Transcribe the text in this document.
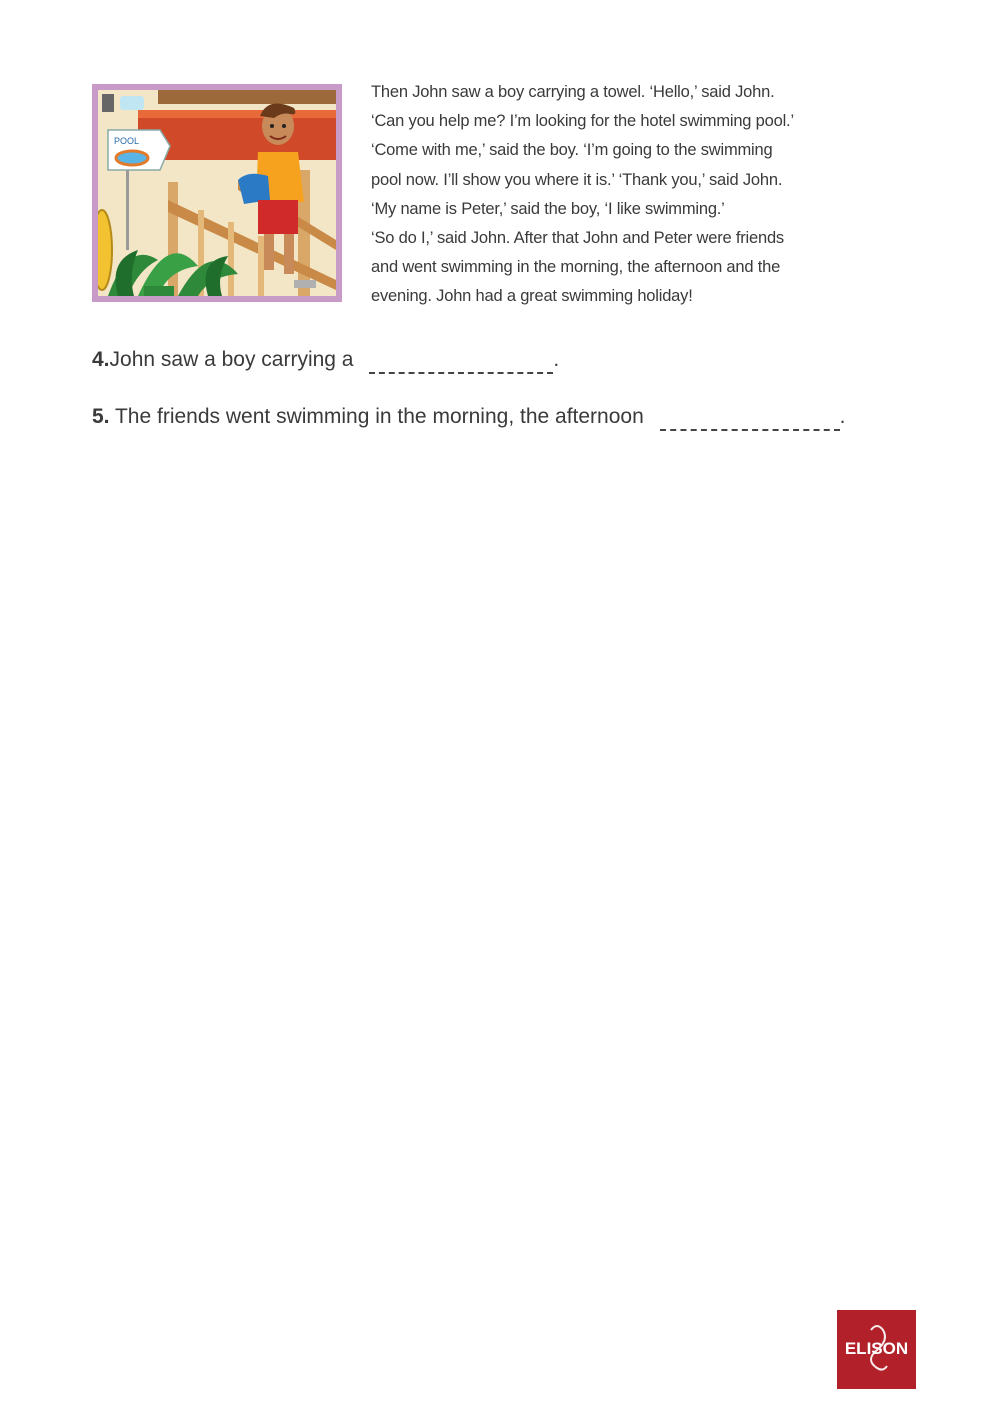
POOL
Then John saw a boy carrying a towel. ‘Hello,’ said John.
‘Can you help me? I’m looking for the hotel swimming pool.’
‘Come with me,’ said the boy. ‘I’m going to the swimming
pool now. I’ll show you where it is.’ ‘Thank you,’ said John.
‘My name is Peter,’ said the boy, ‘I like swimming.’
‘So do I,’ said John. After that John and Peter were friends
and went swimming in the morning, the afternoon and the
evening. John had a great swimming holiday!
4.John saw a boy carrying a	.
5. The friends went swimming in the morning, the afternoon	.
ELISON
